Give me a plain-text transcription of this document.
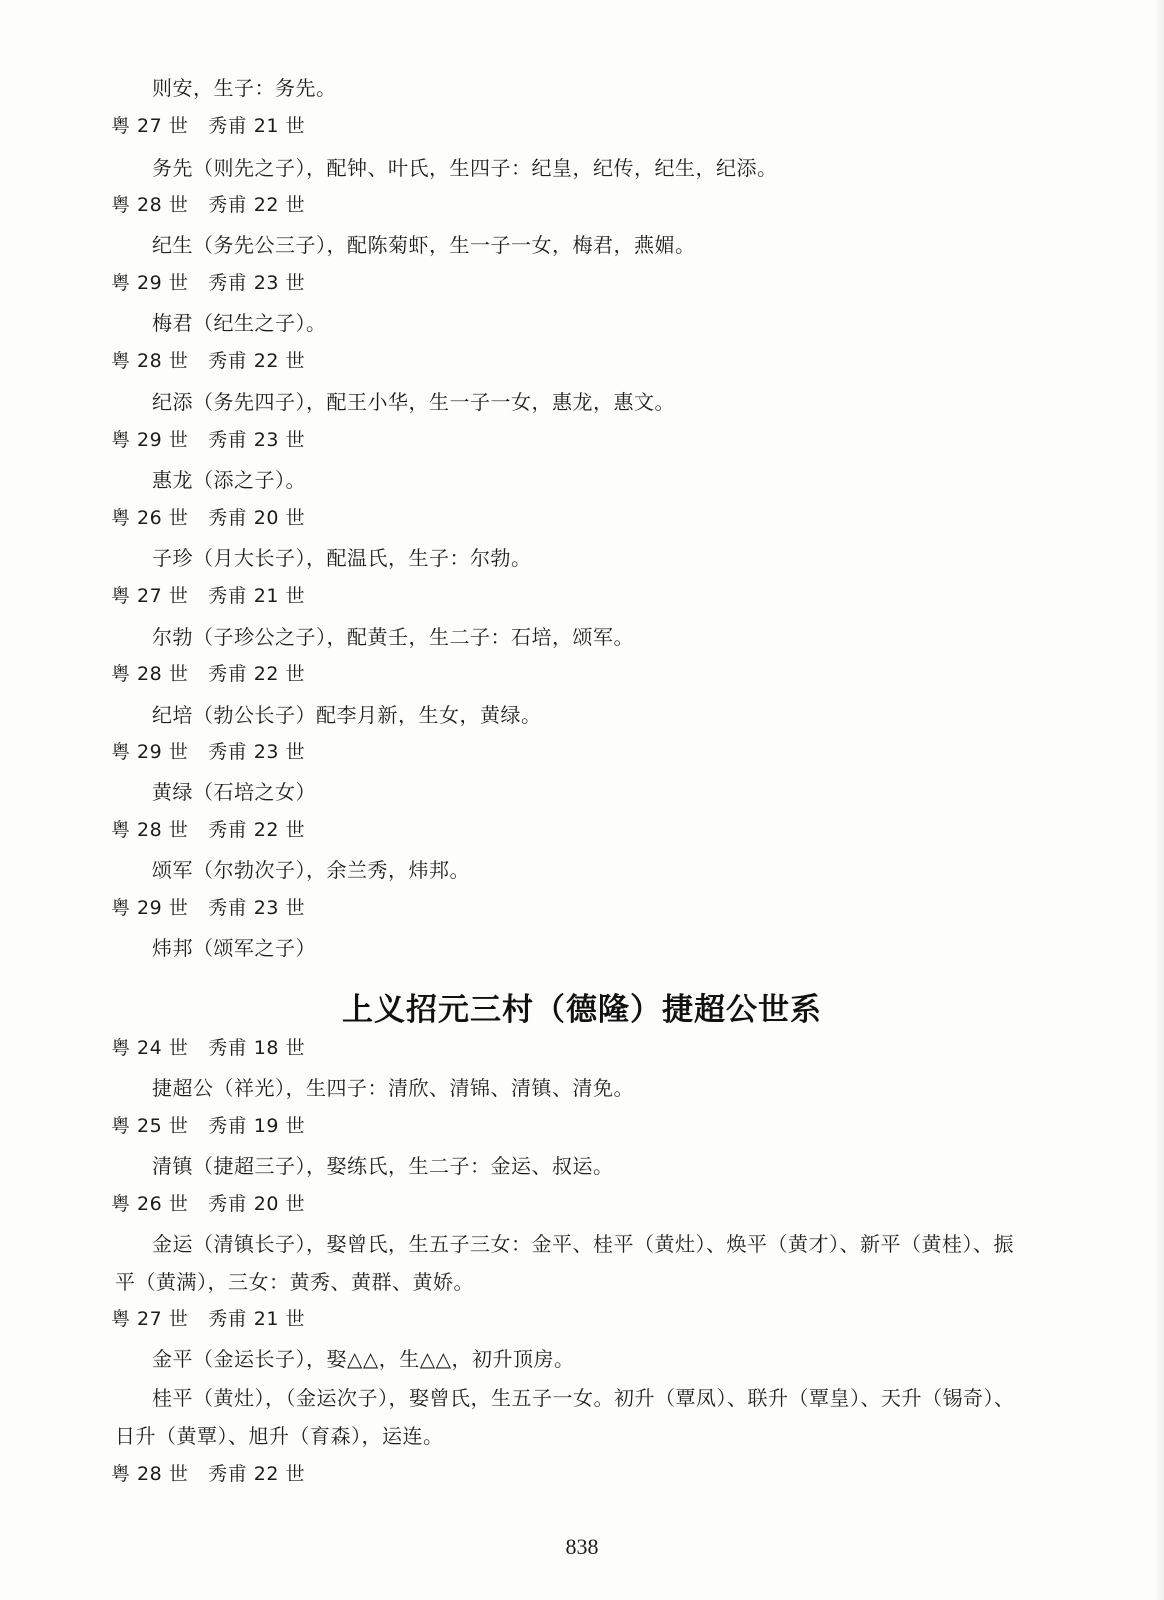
则安，生子：务先。
粤 27 世 秀甫 21 世
务先（则先之子），配钟、叶氏，生四子：纪皇，纪传，纪生，纪添。
粤 28 世 秀甫 22 世
纪生（务先公三子），配陈菊虾，生一子一女，梅君，燕媚。
粤 29 世 秀甫 23 世
梅君（纪生之子）。
粤 28 世 秀甫 22 世
纪添（务先四子），配王小华，生一子一女，惠龙，惠文。
粤 29 世 秀甫 23 世
惠龙（添之子）。
粤 26 世 秀甫 20 世
子珍（月大长子），配温氏，生子：尔勃。
粤 27 世 秀甫 21 世
尔勃（子珍公之子），配黄壬，生二子：石培，颂军。
粤 28 世 秀甫 22 世
纪培（勃公长子）配李月新，生女，黄绿。
粤 29 世 秀甫 23 世
黄绿（石培之女）
粤 28 世 秀甫 22 世
颂军（尔勃次子），余兰秀，炜邦。
粤 29 世 秀甫 23 世
炜邦（颂军之子）
上义招元三村（德隆）捷超公世系
粤 24 世 秀甫 18 世
捷超公（祥光），生四子：清欣、清锦、清镇、清免。
粤 25 世 秀甫 19 世
清镇（捷超三子），娶练氏，生二子：金运、叔运。
粤 26 世 秀甫 20 世
金运（清镇长子），娶曾氏，生五子三女：金平、桂平（黄灶）、焕平（黄才）、新平（黄桂）、振
平（黄满），三女：黄秀、黄群、黄娇。
粤 27 世 秀甫 21 世
金平（金运长子），娶△△，生△△，初升顶房。
桂平（黄灶），（金运次子），娶曾氏，生五子一女。初升（覃凤）、联升（覃皇）、天升（锡奇）、
日升（黄覃）、旭升（育森），运连。
粤 28 世 秀甫 22 世
838
